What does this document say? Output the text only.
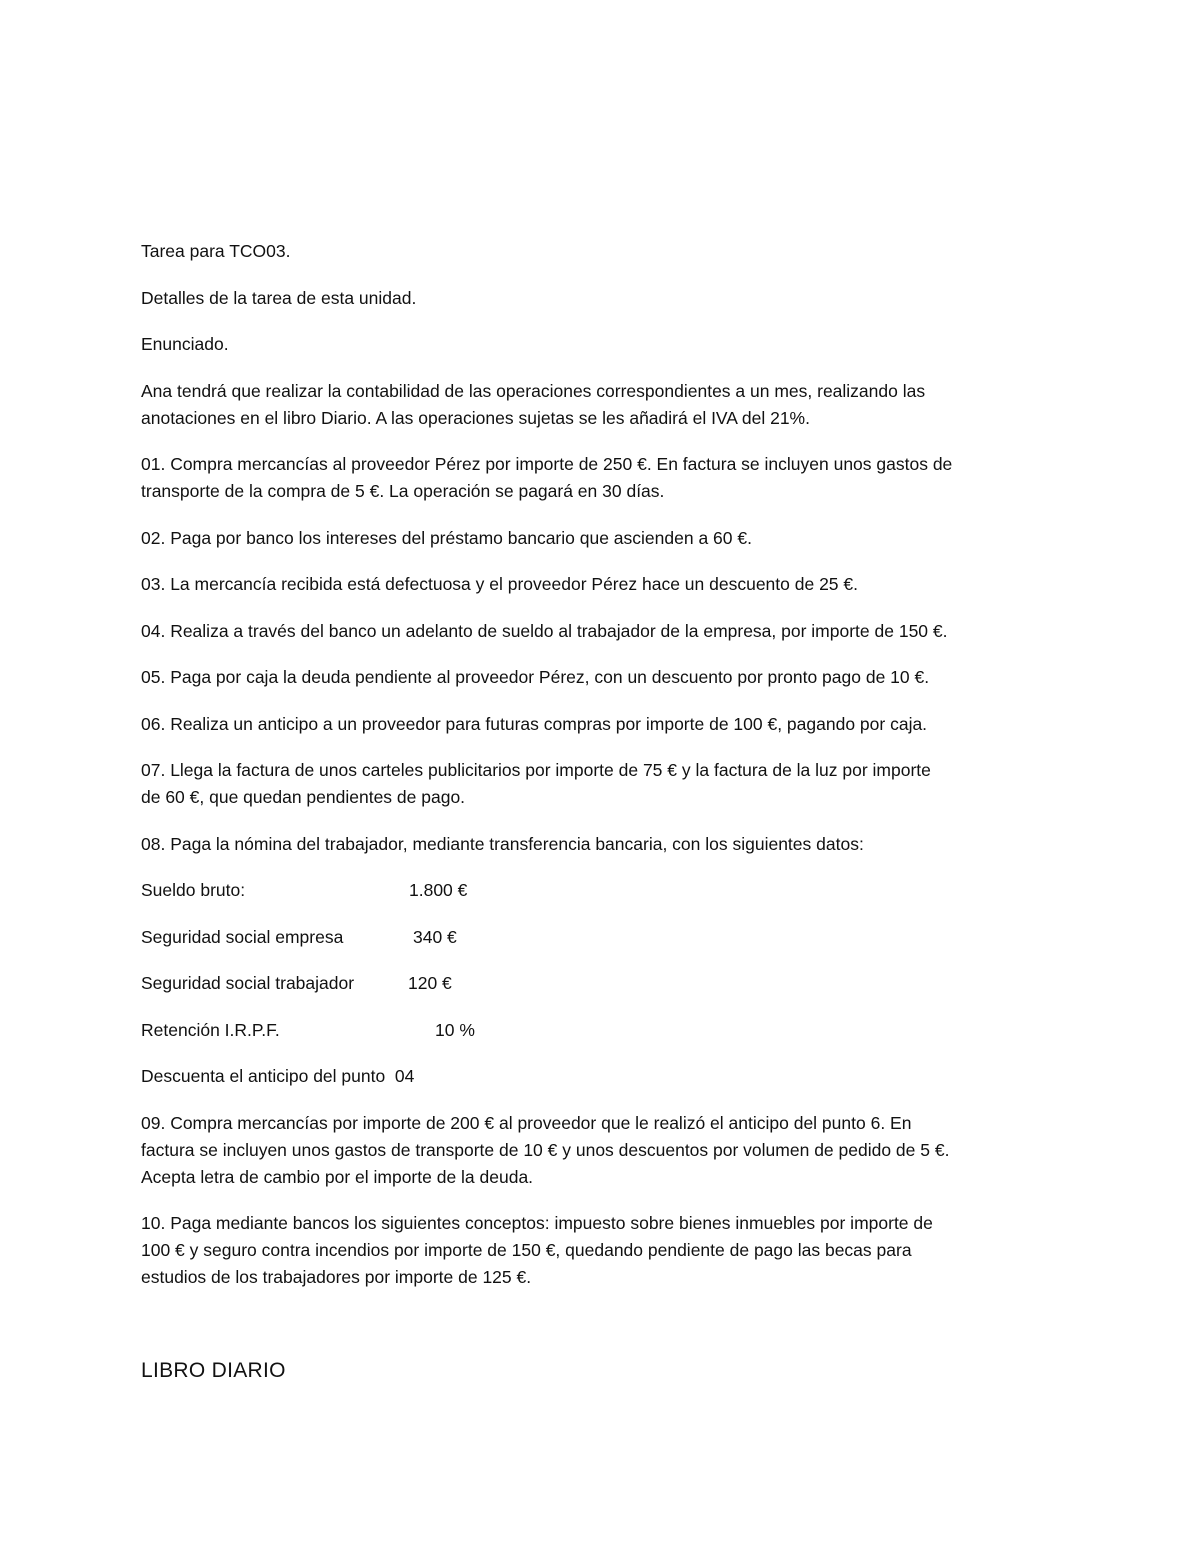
Tarea para TCO03.

Detalles de la tarea de esta unidad.

Enunciado.

Ana tendrá que realizar la contabilidad de las operaciones correspondientes a un mes, realizando las
anotaciones en el libro Diario. A las operaciones sujetas se les añadirá el IVA del 21%.

01. Compra mercancías al proveedor Pérez por importe de 250 €. En factura se incluyen unos gastos de
transporte de la compra de 5 €. La operación se pagará en 30 días.

02. Paga por banco los intereses del préstamo bancario que ascienden a 60 €.

03. La mercancía recibida está defectuosa y el proveedor Pérez hace un descuento de 25 €.

04. Realiza a través del banco un adelanto de sueldo al trabajador de la empresa, por importe de 150 €.

05. Paga por caja la deuda pendiente al proveedor Pérez, con un descuento por pronto pago de 10 €.

06. Realiza un anticipo a un proveedor para futuras compras por importe de 100 €, pagando por caja.

07. Llega la factura de unos carteles publicitarios por importe de 75 € y la factura de la luz por importe
de 60 €, que quedan pendientes de pago.

08. Paga la nómina del trabajador, mediante transferencia bancaria, con los siguientes datos:

Sueldo bruto:	1.800 €
Seguridad social empresa	340 €
Seguridad social trabajador	120 €
Retención I.R.P.F.	10 %

Descuenta el anticipo del punto  04

09. Compra mercancías por importe de 200 € al proveedor que le realizó el anticipo del punto 6. En
factura se incluyen unos gastos de transporte de 10 € y unos descuentos por volumen de pedido de 5 €.
Acepta letra de cambio por el importe de la deuda.

10. Paga mediante bancos los siguientes conceptos: impuesto sobre bienes inmuebles por importe de
100 € y seguro contra incendios por importe de 150 €, quedando pendiente de pago las becas para
estudios de los trabajadores por importe de 125 €.

LIBRO DIARIO
